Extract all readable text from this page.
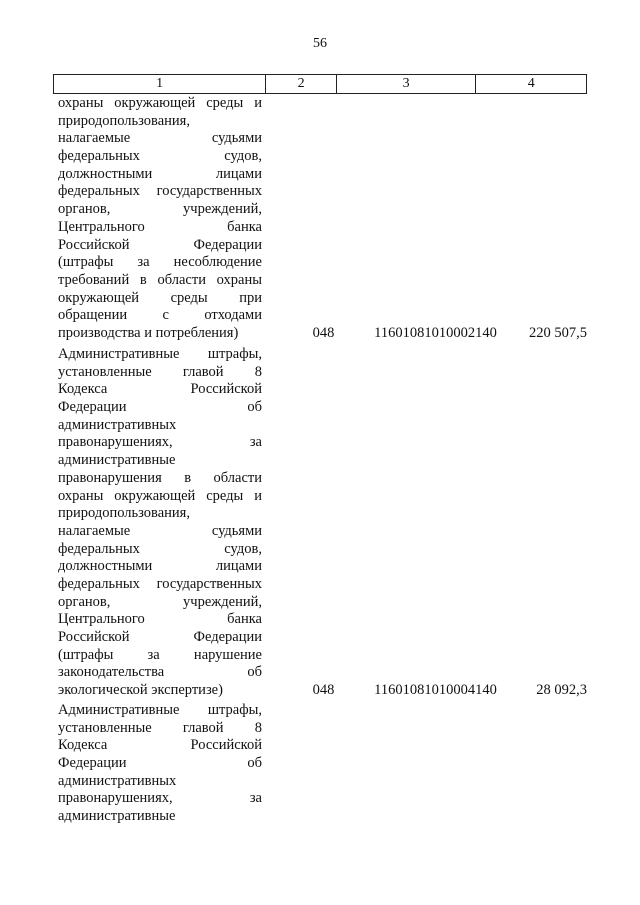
56
1	2	3	4
охраны окружающей среды и
природопользования,
налагаемые судьями
федеральных судов,
должностными лицами
федеральных государственных
органов, учреждений,
Центрального банка
Российской Федерации
(штрафы за несоблюдение
требований в области охраны
окружающей среды при
обращении с отходами
производства и потребления)	048	11601081010002140	220 507,5
Административные штрафы,
установленные главой 8
Кодекса Российской
Федерации об
административных
правонарушениях, за
административные
правонарушения в области
охраны окружающей среды и
природопользования,
налагаемые судьями
федеральных судов,
должностными лицами
федеральных государственных
органов, учреждений,
Центрального банка
Российской Федерации
(штрафы за нарушение
законодательства об
экологической экспертизе)	048	11601081010004140	28 092,3
Административные штрафы,
установленные главой 8
Кодекса Российской
Федерации об
административных
правонарушениях, за
административные
